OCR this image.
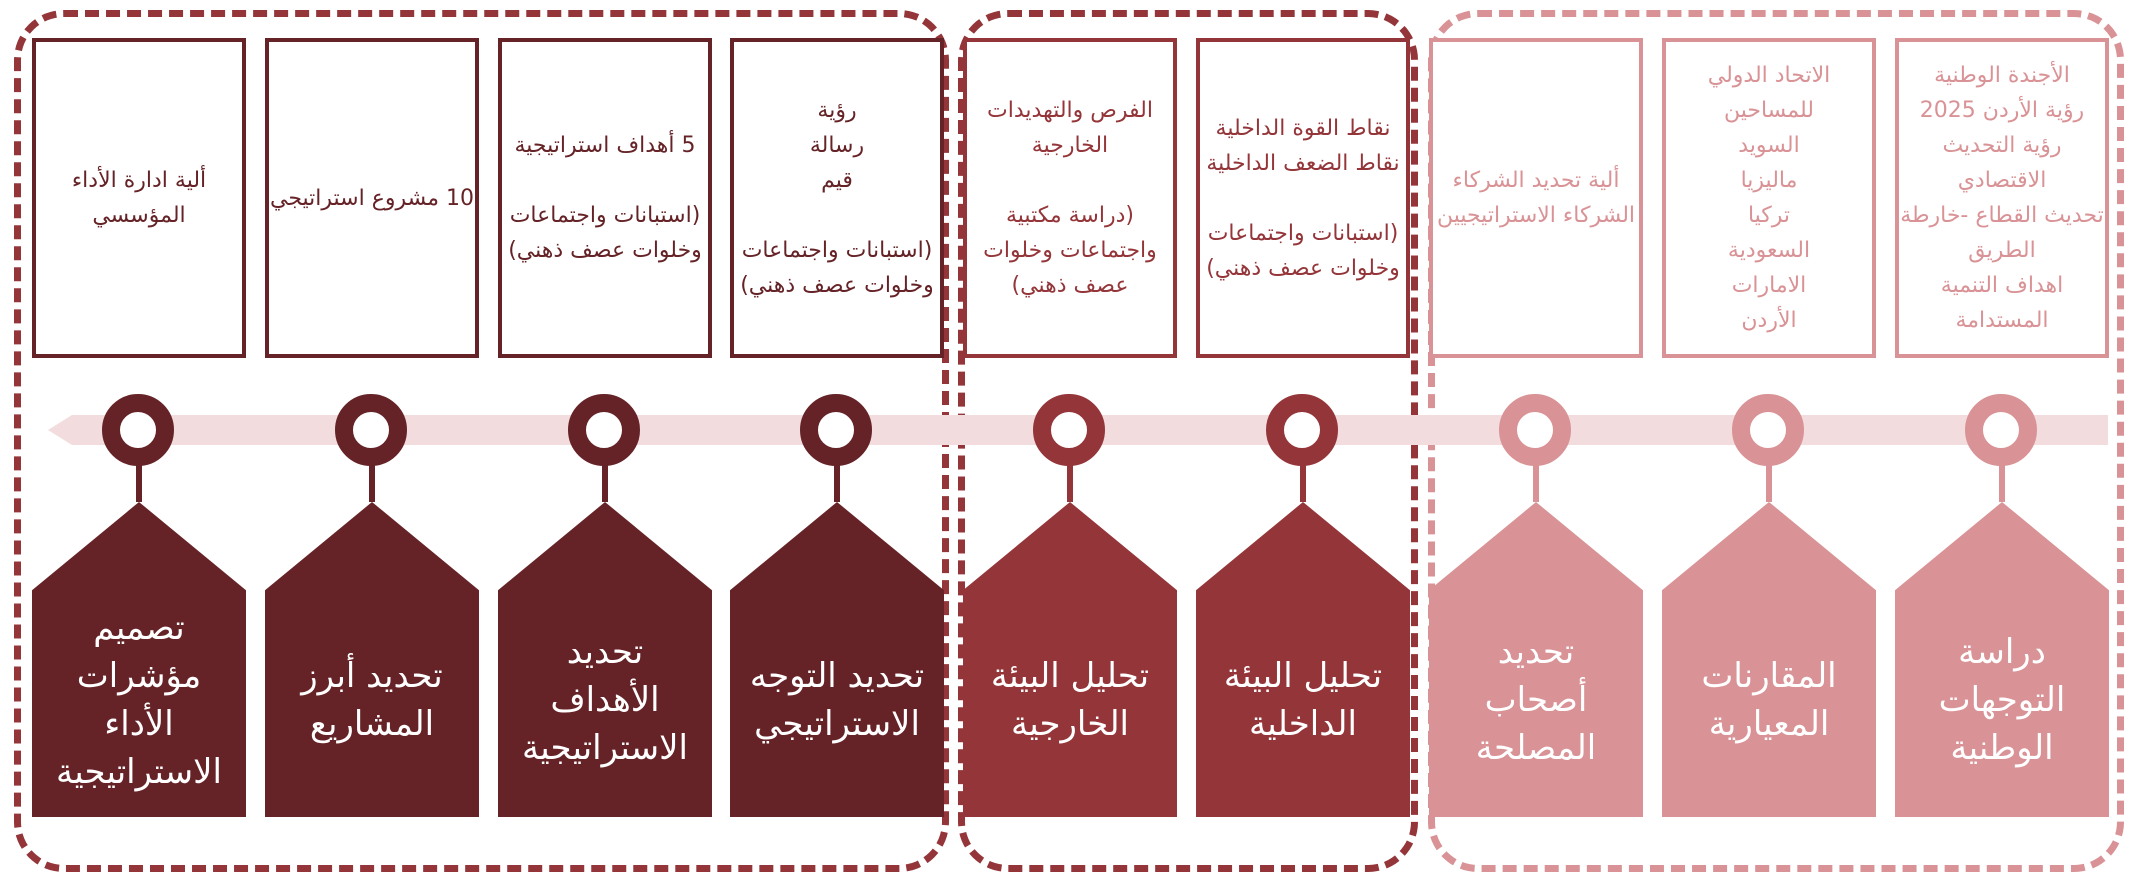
الأجندة الوطنية
رؤية الأردن 2025
رؤية التحديث
الاقتصادي
تحديث القطاع -خارطة
الطريق
اهداف التنمية
المستدامة
دراسة
التوجهات
الوطنية
الاتحاد الدولي
للمساحين
السويد
ماليزيا
تركيا
السعودية
الامارات
الأردن
المقارنات
المعيارية
ألية تحديد الشركاء
الشركاء الاستراتيجيين
تحديد
أصحاب
المصلحة
نقاط القوة الداخلية
نقاط الضعف الداخلية

(استبانات واجتماعات
وخلوات عصف ذهني)
تحليل البيئة
الداخلية
الفرص والتهديدات
الخارجية

(دراسة مكتبية
واجتماعات وخلوات
عصف ذهني)
تحليل البيئة
الخارجية
رؤية
رسالة
قيم

(استبانات واجتماعات
وخلوات عصف ذهني)
تحديد التوجه
الاستراتيجي
5 أهداف استراتيجية

(استبانات واجتماعات
وخلوات عصف ذهني)
تحديد
الأهداف
الاستراتيجية
10 مشروع استراتيجي
تحديد أبرز
المشاريع
ألية ادارة الأداء
المؤسسي
تصميم
مؤشرات
الأداء
الاستراتيجية
